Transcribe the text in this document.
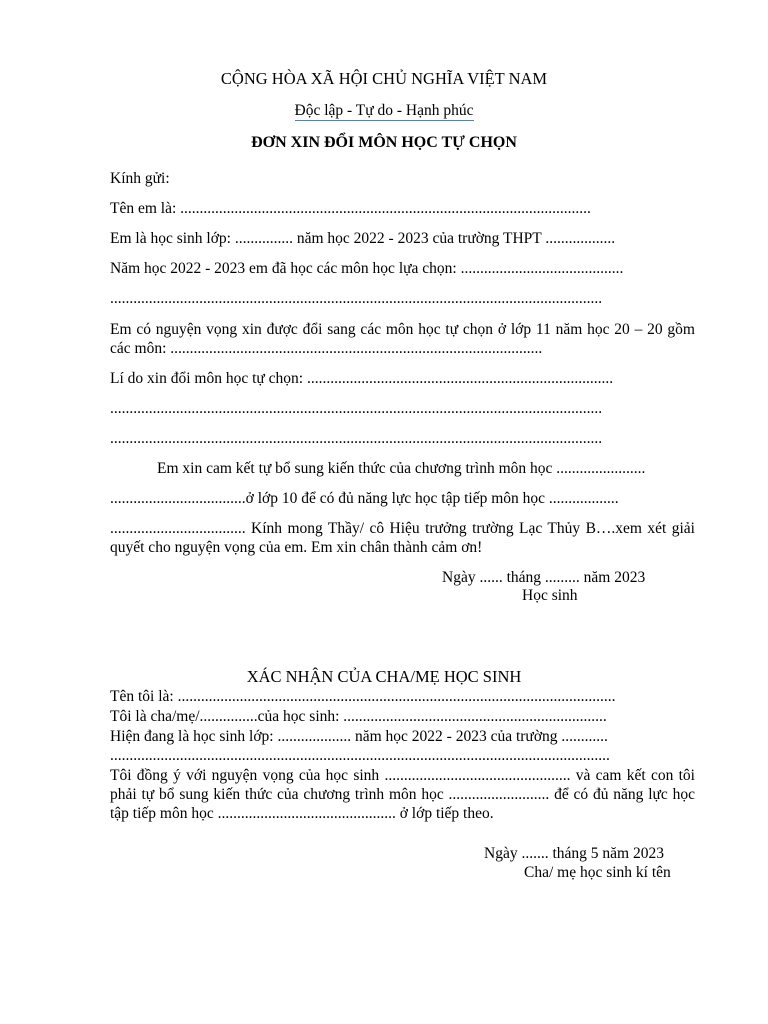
CỘNG HÒA XÃ HỘI CHỦ NGHĨA VIỆT NAM
Độc lập - Tự do - Hạnh phúc
ĐƠN XIN ĐỔI MÔN HỌC TỰ CHỌN
Kính gửi:
Tên em là: ..........................................................................................................
Em là học sinh lớp: ............... năm học 2022 - 2023 của trường THPT ..................
Năm học 2022 - 2023 em đã học các môn học lựa chọn: ..........................................
...............................................................................................................................
Em có nguyện vọng xin được đổi sang các môn học tự chọn ở lớp 11 năm học 20 – 20 gồm các môn: ................................................................................................
Lí do xin đổi môn học tự chọn: ...............................................................................
...............................................................................................................................
...............................................................................................................................
Em xin cam kết tự bổ sung kiến thức của chương trình môn học .......................
...................................ở lớp 10 để có đủ năng lực học tập tiếp môn học ..................
................................... Kính mong Thầy/ cô Hiệu trưởng trường Lạc Thủy B….xem xét giải quyết cho nguyện vọng của em. Em xin chân thành cảm ơn!
Ngày ...... tháng ......... năm 2023
Học sinh
XÁC NHẬN CỦA CHA/MẸ HỌC SINH
Tên tôi là: .................................................................................................................
Tôi là cha/mẹ/...............của học sinh: ....................................................................
Hiện đang là học sinh lớp: ................... năm học 2022 - 2023 của trường ............
.................................................................................................................................
Tôi đồng ý với nguyện vọng của học sinh ................................................ và cam kết con tôi phải tự bổ sung kiến thức của chương trình môn học .......................... để có đủ năng lực học tập tiếp môn học .............................................. ở lớp tiếp theo.
Ngày ....... tháng 5 năm 2023
Cha/ mẹ học sinh kí tên
